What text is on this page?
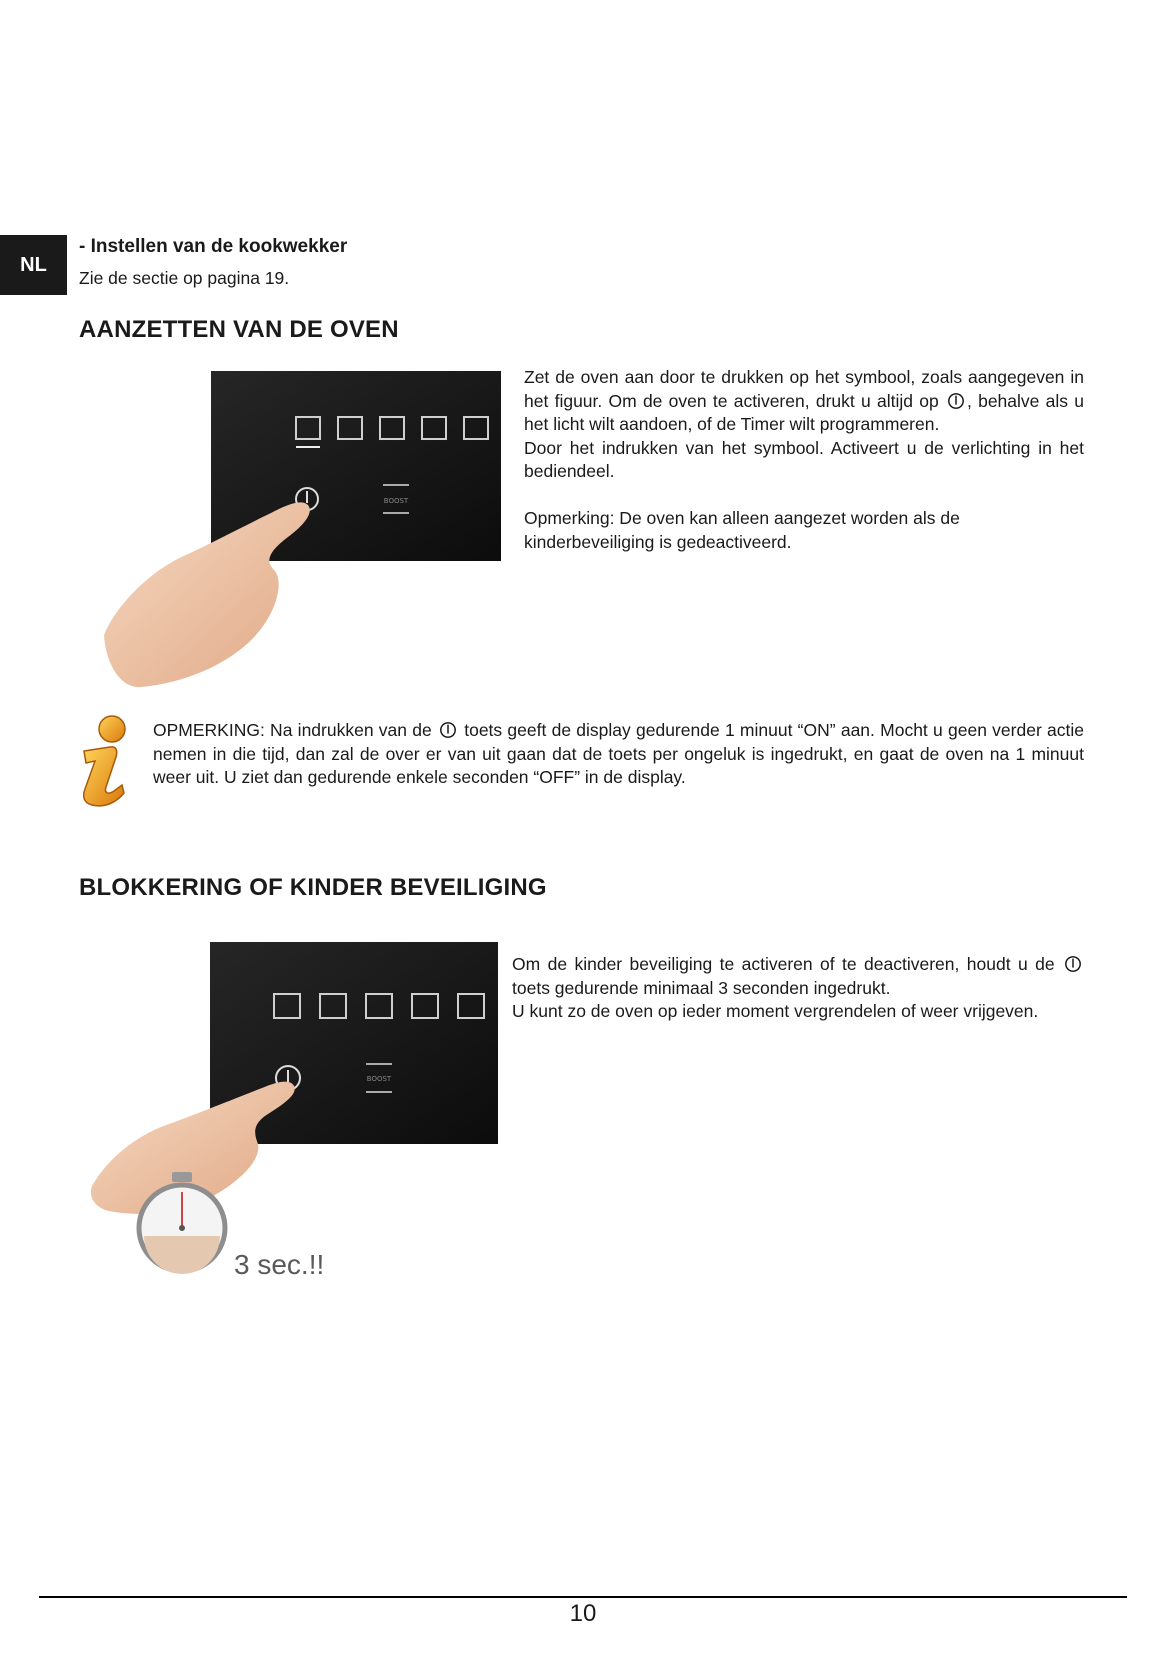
NL
- Instellen van de kookwekker
Zie de sectie op pagina 19.
AANZETTEN VAN DE OVEN
BOOST

Zet de oven aan door te drukken op het symbool, zoals aangegeven in het figuur. Om de oven te activeren, drukt u altijd op , behalve als u het licht wilt aandoen, of de Timer wilt programmeren.

Door het indrukken van het symbool. Activeert u de verlichting in het bediendeel.

Opmerking: De oven kan alleen aangezet worden als de kinderbeveiliging is gedeactiveerd.

OPMERKING: Na indrukken van de toets geeft de display gedurende 1 minuut “ON” aan. Mocht u geen verder actie nemen in die tijd, dan zal de over er van uit gaan dat de toets per ongeluk is ingedrukt, en gaat de oven na 1 minuut weer uit. U ziet dan gedurende enkele seconden “OFF” in de display.

BLOKKERING OF KINDER BEVEILIGING
BOOST
3 sec.!!

Om de kinder beveiliging te activeren of te deactiveren, houdt u de toets gedurende minimaal 3 seconden ingedrukt.

U kunt zo de oven op ieder moment vergrendelen of weer vrijgeven.

10
